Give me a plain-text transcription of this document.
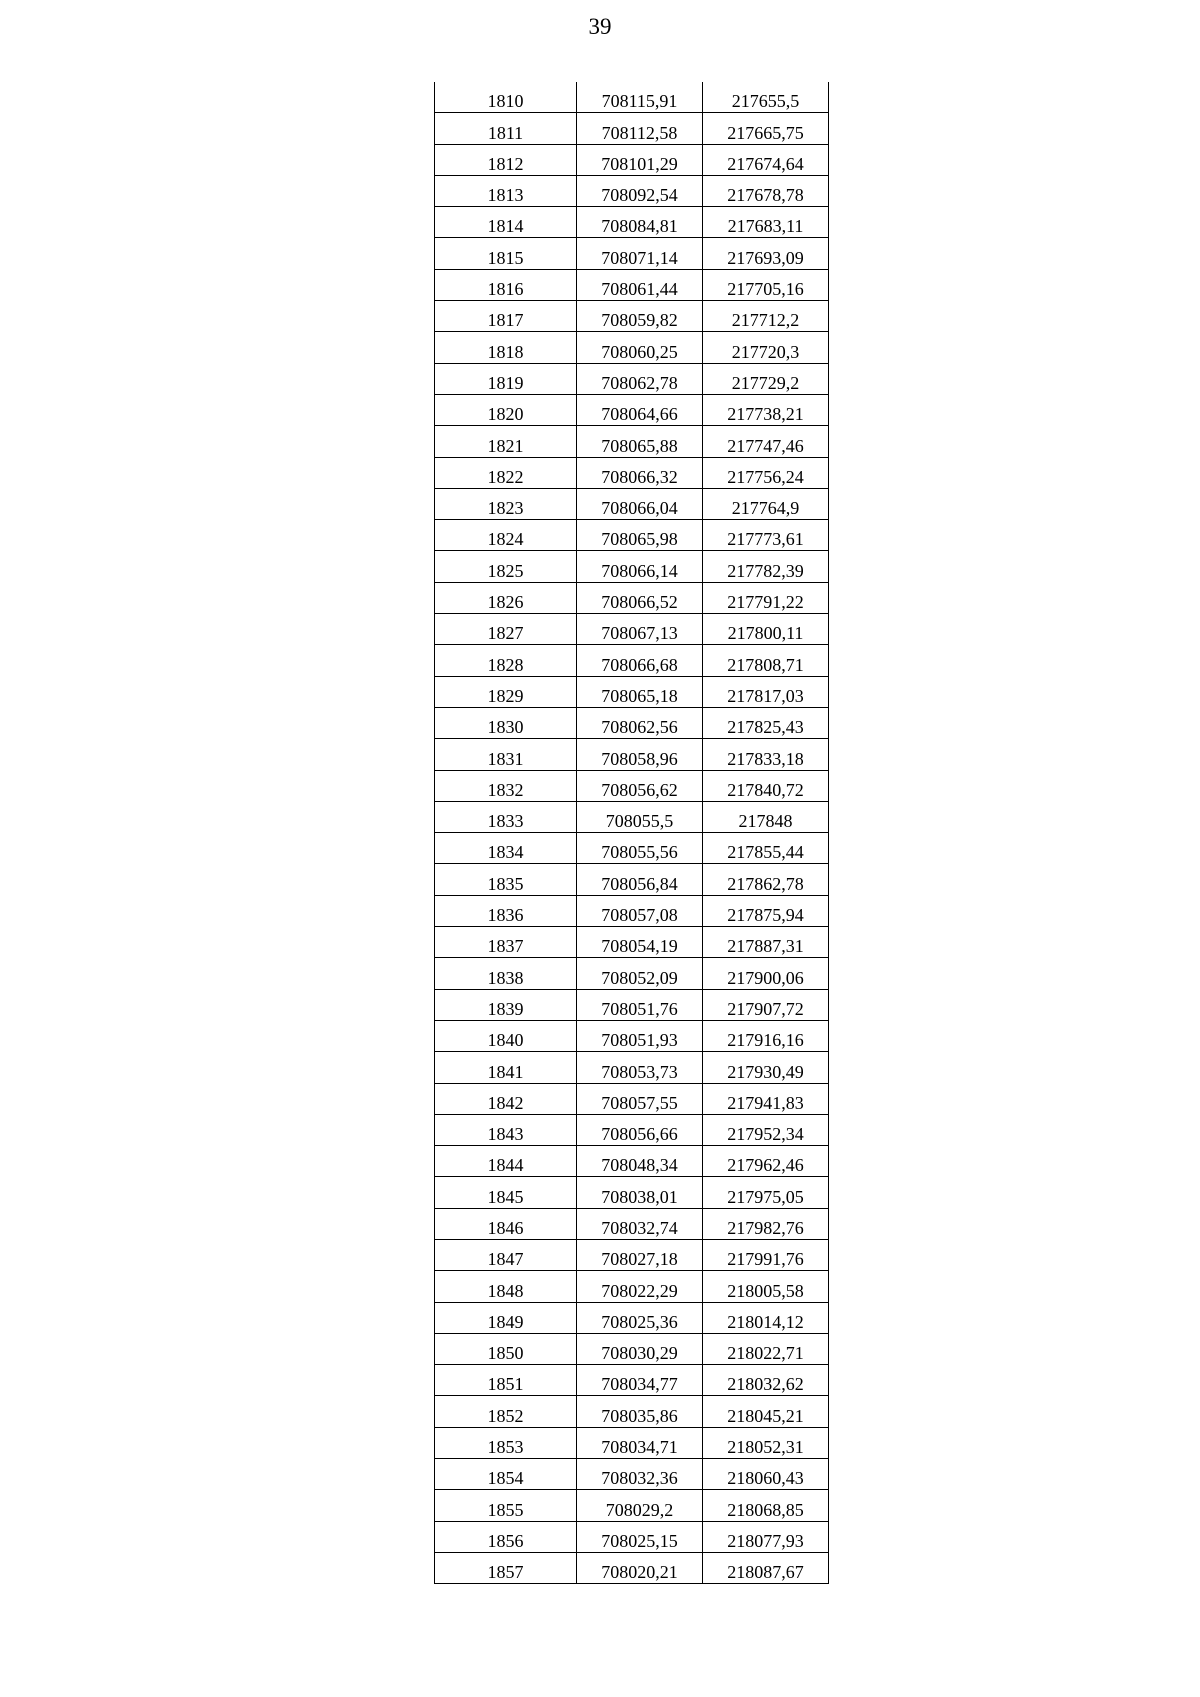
39
1810	708115,91	217655,5
1811	708112,58	217665,75
1812	708101,29	217674,64
1813	708092,54	217678,78
1814	708084,81	217683,11
1815	708071,14	217693,09
1816	708061,44	217705,16
1817	708059,82	217712,2
1818	708060,25	217720,3
1819	708062,78	217729,2
1820	708064,66	217738,21
1821	708065,88	217747,46
1822	708066,32	217756,24
1823	708066,04	217764,9
1824	708065,98	217773,61
1825	708066,14	217782,39
1826	708066,52	217791,22
1827	708067,13	217800,11
1828	708066,68	217808,71
1829	708065,18	217817,03
1830	708062,56	217825,43
1831	708058,96	217833,18
1832	708056,62	217840,72
1833	708055,5	217848
1834	708055,56	217855,44
1835	708056,84	217862,78
1836	708057,08	217875,94
1837	708054,19	217887,31
1838	708052,09	217900,06
1839	708051,76	217907,72
1840	708051,93	217916,16
1841	708053,73	217930,49
1842	708057,55	217941,83
1843	708056,66	217952,34
1844	708048,34	217962,46
1845	708038,01	217975,05
1846	708032,74	217982,76
1847	708027,18	217991,76
1848	708022,29	218005,58
1849	708025,36	218014,12
1850	708030,29	218022,71
1851	708034,77	218032,62
1852	708035,86	218045,21
1853	708034,71	218052,31
1854	708032,36	218060,43
1855	708029,2	218068,85
1856	708025,15	218077,93
1857	708020,21	218087,67
